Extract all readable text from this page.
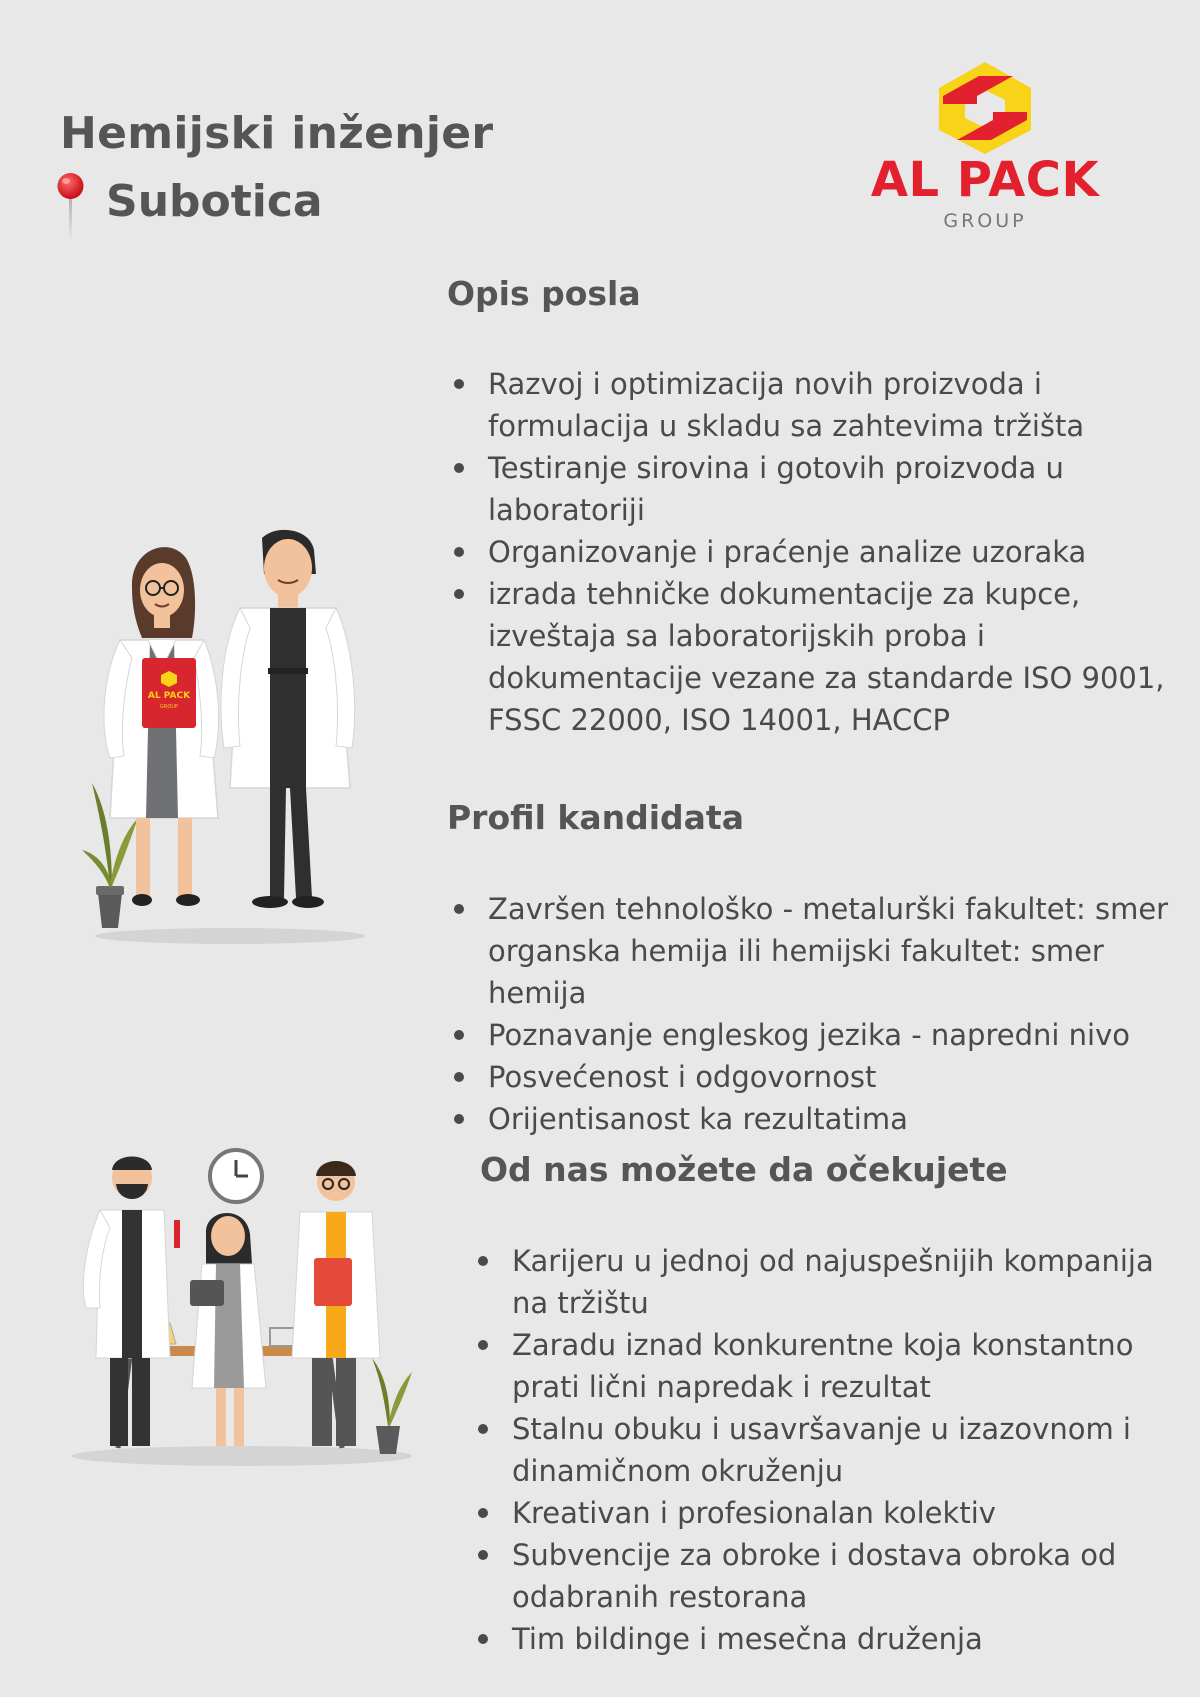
Hemijski inženjer
Subotica	AL PACK
GROUP
Opis posla
Razvoj i optimizacija novih proizvoda i formulacija u skladu sa zahtevima tržišta
Testiranje sirovina i gotovih proizvoda u laboratoriji
Organizovanje i praćenje analize uzoraka
izrada tehničke dokumentacije za kupce, izveštaja sa laboratorijskih proba i dokumentacije vezane za standarde ISO 9001, FSSC 22000, ISO 14001, HACCP
Profil kandidata
Završen tehnološko - metalurški fakultet: smer organska hemija ili hemijski fakultet: smer hemija
Poznavanje engleskog jezika - napredni nivo
Posvećenost i odgovornost
Orijentisanost ka rezultatima
Od nas možete da očekujete
Karijeru u jednoj od najuspešnijih kompanija na tržištu
Zaradu iznad konkurentne koja konstantno prati lični napredak i rezultat
Stalnu obuku i usavršavanje u izazovnom i dinamičnom okruženju
Kreativan i profesionalan kolektiv
Subvencije za obroke i dostava obroka od odabranih restorana
Tim bildinge i mesečna druženja
AL PACK
GROUP
